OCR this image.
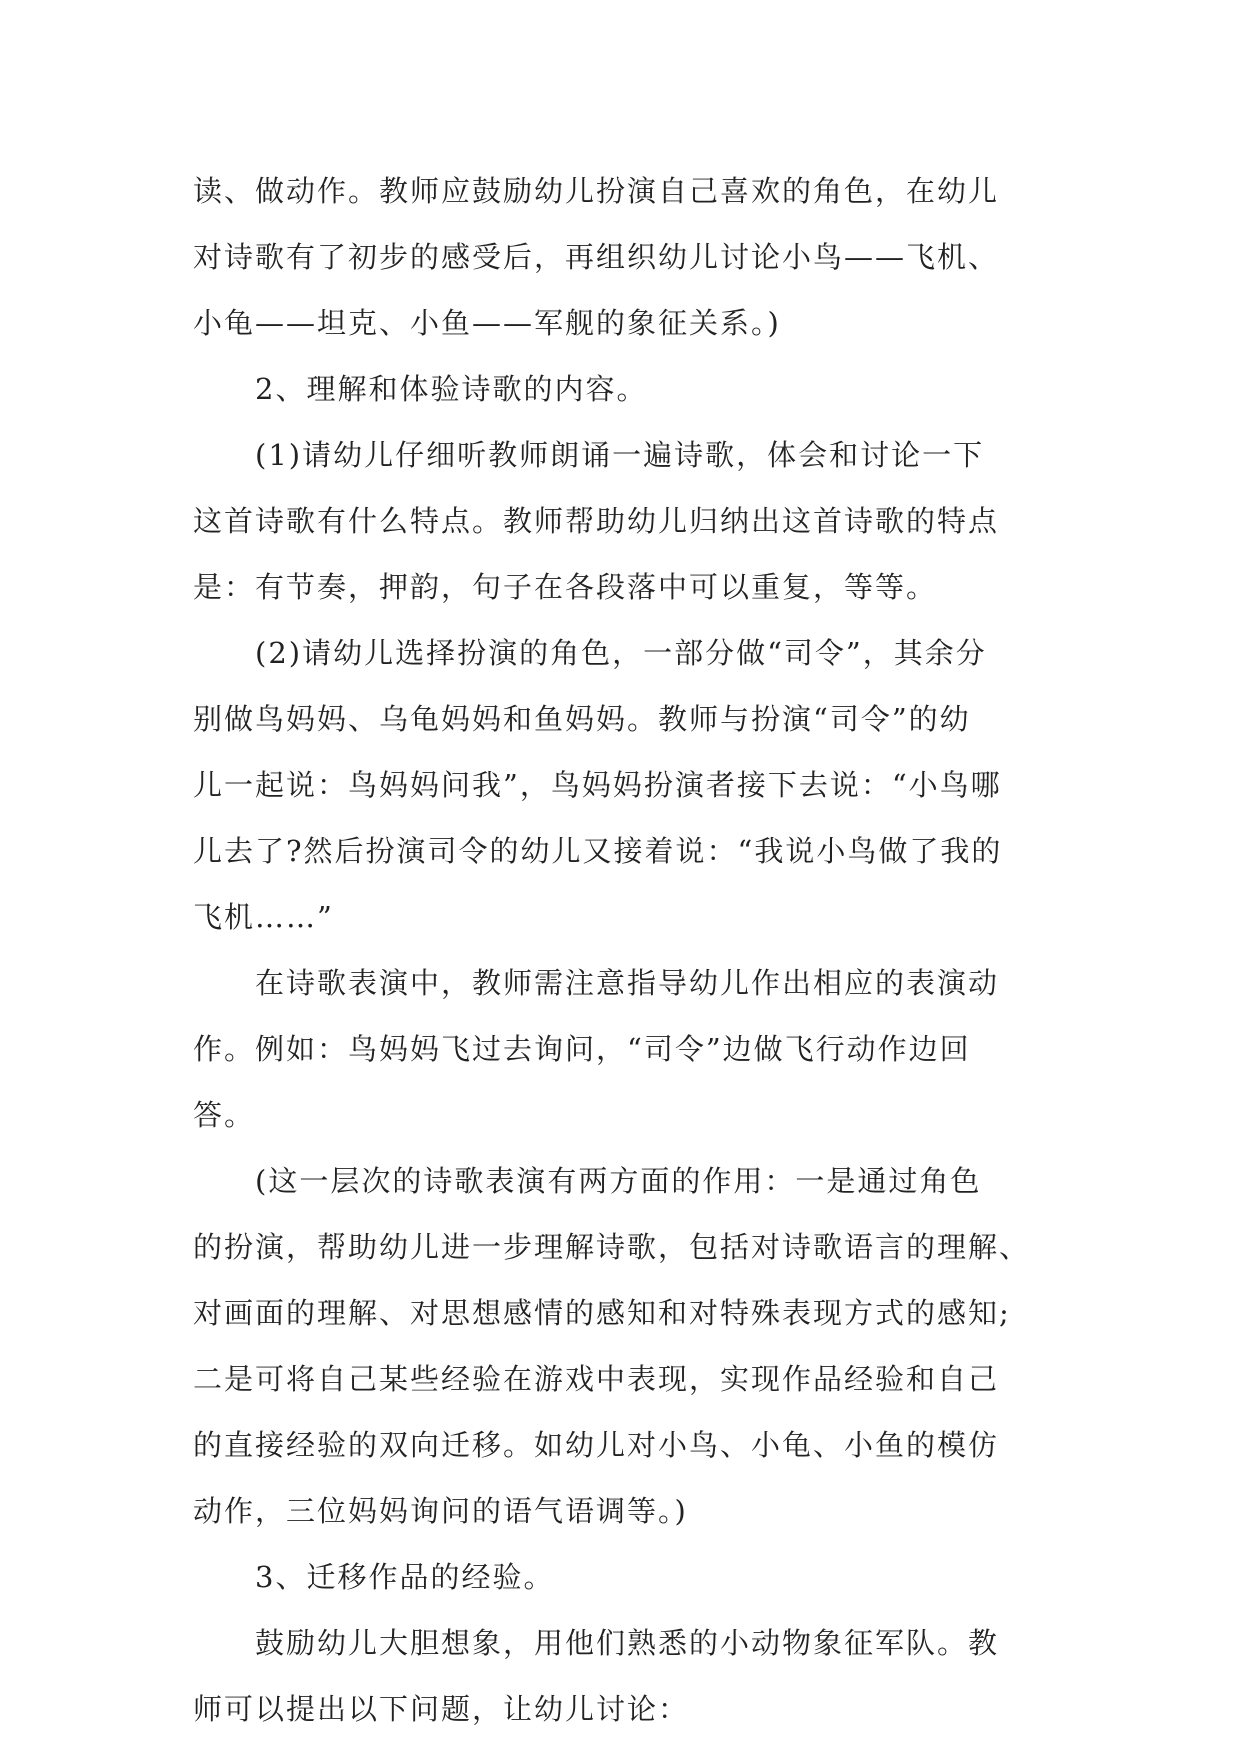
读、做动作。教师应鼓励幼儿扮演自己喜欢的角色，在幼儿

对诗歌有了初步的感受后，再组织幼儿讨论小鸟——飞机、

小龟——坦克、小鱼——军舰的象征关系。)

2、理解和体验诗歌的内容。

(1)请幼儿仔细听教师朗诵一遍诗歌，体会和讨论一下

这首诗歌有什么特点。教师帮助幼儿归纳出这首诗歌的特点

是：有节奏，押韵，句子在各段落中可以重复，等等。

(2)请幼儿选择扮演的角色，一部分做“司令”，其余分

别做鸟妈妈、乌龟妈妈和鱼妈妈。教师与扮演“司令”的幼

儿一起说：鸟妈妈问我”，鸟妈妈扮演者接下去说：“小鸟哪

儿去了?然后扮演司令的幼儿又接着说：“我说小鸟做了我的

飞机……”

在诗歌表演中，教师需注意指导幼儿作出相应的表演动

作。例如：鸟妈妈飞过去询问，“司令”边做飞行动作边回

答。

(这一层次的诗歌表演有两方面的作用：一是通过角色

的扮演，帮助幼儿进一步理解诗歌，包括对诗歌语言的理解、

对画面的理解、对思想感情的感知和对特殊表现方式的感知;

二是可将自己某些经验在游戏中表现，实现作品经验和自己

的直接经验的双向迁移。如幼儿对小鸟、小龟、小鱼的模仿

动作，三位妈妈询问的语气语调等。)

3、迁移作品的经验。

鼓励幼儿大胆想象，用他们熟悉的小动物象征军队。教

师可以提出以下问题，让幼儿讨论：
